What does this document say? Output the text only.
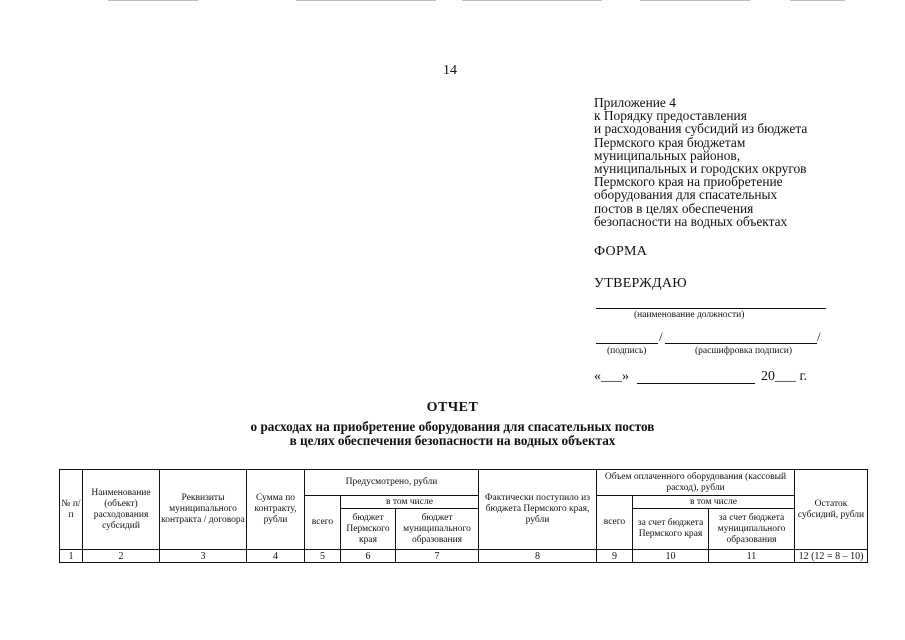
14
Приложение 4
к Порядку предоставления
и расходования субсидий из бюджета
Пермского края бюджетам
муниципальных районов,
муниципальных и городских округов
Пермского края на приобретение
оборудования для спасательных
постов в целях обеспечения
безопасности на водных объектах
ФОРМА
УТВЕРЖДАЮ
(наименование должности)
/	/
(подпись)	(расшифровка подписи)
«___»	20___ г.
ОТЧЕТ
о расходах на приобретение оборудования для спасательных постов
в целях обеспечения безопасности на водных объектах
№ п/п	Наименование (объект) расходования субсидий	Реквизиты муниципального контракта / договора	Сумма по контракту, рубли	Предусмотрено, рубли			Фактически поступило из бюджета Пермского края, рубли	Объем оплаченного оборудования (кассовый расход), рубли			Остаток субсидий, рубли
				всего	в том числе			всего	в том числе		
					бюджет Пермского края	бюджет муниципального образования			за счет бюджета Пермского края	за счет бюджета муниципального образования	
1	2	3	4	5	6	7	8	9	10	11	12 (12 = 8 – 10)
